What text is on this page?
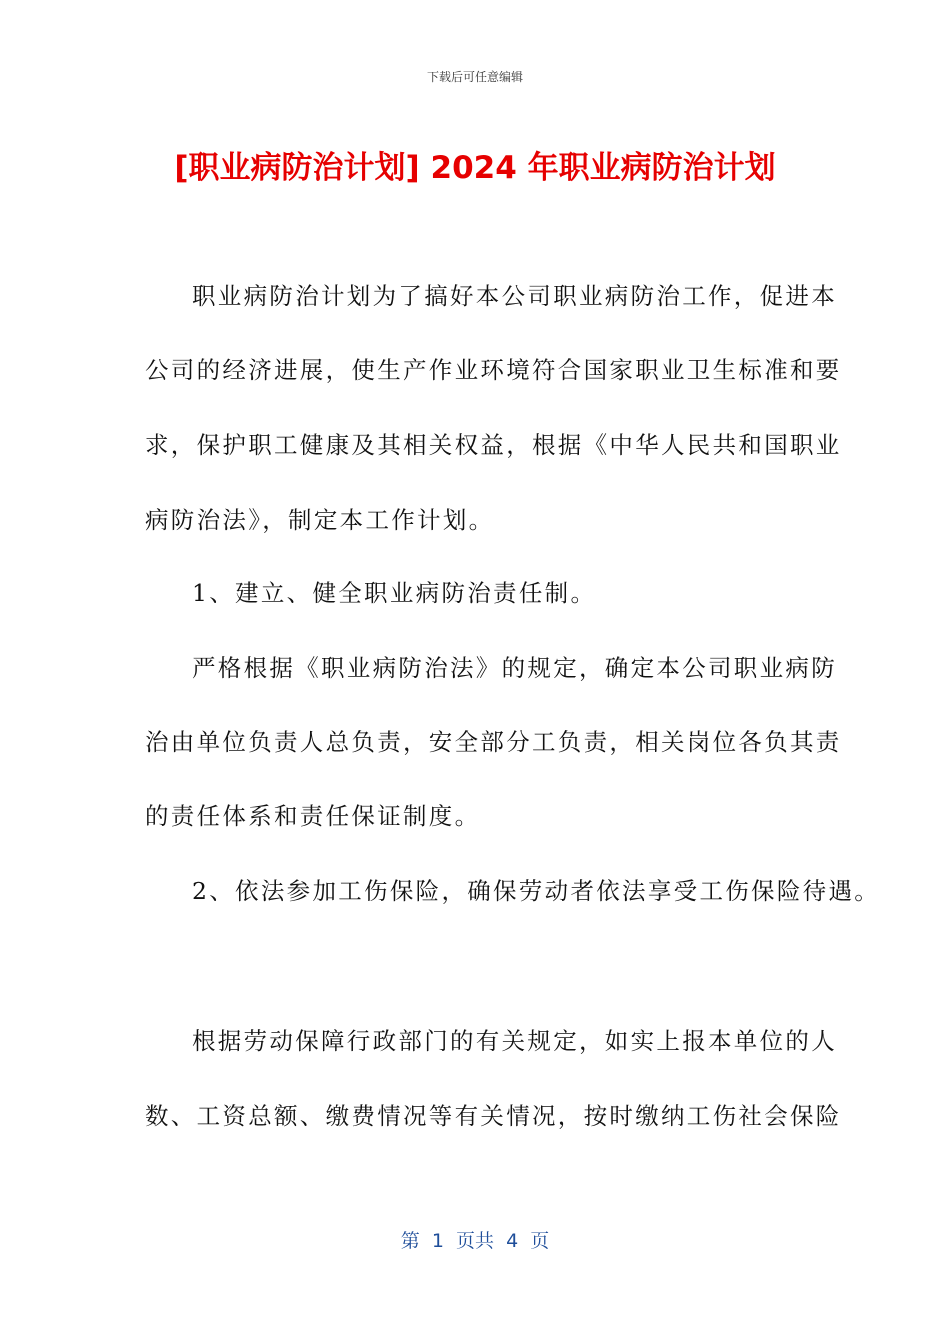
下载后可任意编辑
[职业病防治计划] 2024 年职业病防治计划
职业病防治计划为了搞好本公司职业病防治工作，促进本
公司的经济进展，使生产作业环境符合国家职业卫生标准和要
求，保护职工健康及其相关权益，根据《中华人民共和国职业
病防治法》，制定本工作计划。
1、建立、健全职业病防治责任制。
严格根据《职业病防治法》的规定，确定本公司职业病防
治由单位负责人总负责，安全部分工负责，相关岗位各负其责
的责任体系和责任保证制度。
2、依法参加工伤保险，确保劳动者依法享受工伤保险待遇。
根据劳动保障行政部门的有关规定，如实上报本单位的人
数、工资总额、缴费情况等有关情况，按时缴纳工伤社会保险
第  1  页共  4  页
